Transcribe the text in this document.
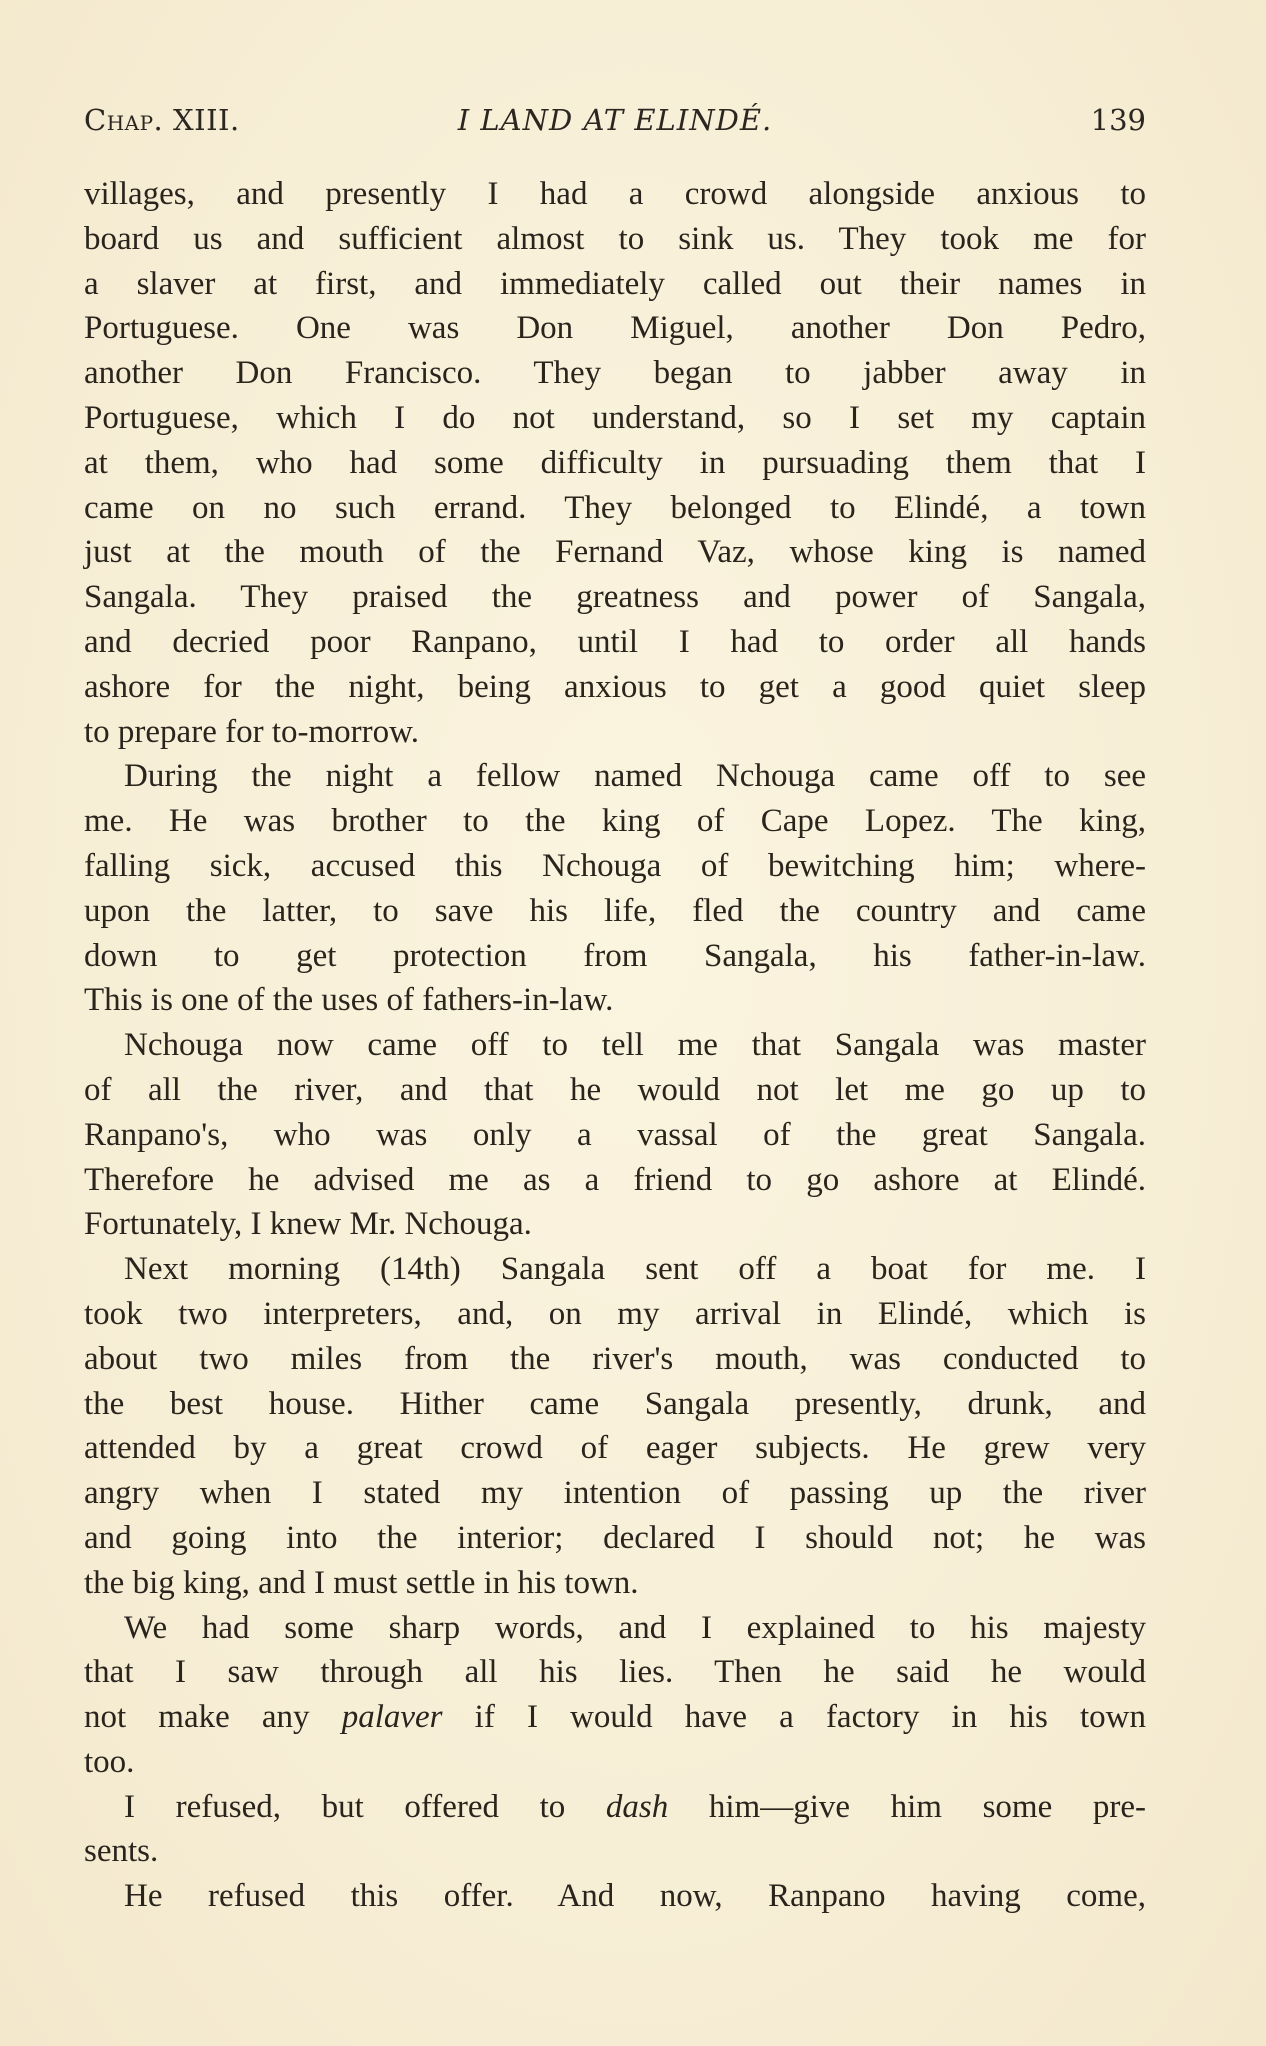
Chap. XIII.	I LAND AT ELINDÉ.	139
villages, and presently I had a crowd alongside anxious to
board us and sufficient almost to sink us. They took me for
a slaver at first, and immediately called out their names in
Portuguese. One was Don Miguel, another Don Pedro,
another Don Francisco. They began to jabber away in
Portuguese, which I do not understand, so I set my captain
at them, who had some difficulty in pursuading them that I
came on no such errand. They belonged to Elindé, a town
just at the mouth of the Fernand Vaz, whose king is named
Sangala. They praised the greatness and power of Sangala,
and decried poor Ranpano, until I had to order all hands
ashore for the night, being anxious to get a good quiet sleep
to prepare for to-morrow.
During the night a fellow named Nchouga came off to see
me. He was brother to the king of Cape Lopez. The king,
falling sick, accused this Nchouga of bewitching him; where-
upon the latter, to save his life, fled the country and came
down to get protection from Sangala, his father-in-law.
This is one of the uses of fathers-in-law.
Nchouga now came off to tell me that Sangala was master
of all the river, and that he would not let me go up to
Ranpano's, who was only a vassal of the great Sangala.
Therefore he advised me as a friend to go ashore at Elindé.
Fortunately, I knew Mr. Nchouga.
Next morning (14th) Sangala sent off a boat for me. I
took two interpreters, and, on my arrival in Elindé, which is
about two miles from the river's mouth, was conducted to
the best house. Hither came Sangala presently, drunk, and
attended by a great crowd of eager subjects. He grew very
angry when I stated my intention of passing up the river
and going into the interior; declared I should not; he was
the big king, and I must settle in his town.
We had some sharp words, and I explained to his majesty
that I saw through all his lies. Then he said he would
not make any palaver if I would have a factory in his town
too.
I refused, but offered to dash him—give him some pre-
sents.
He refused this offer. And now, Ranpano having come,
